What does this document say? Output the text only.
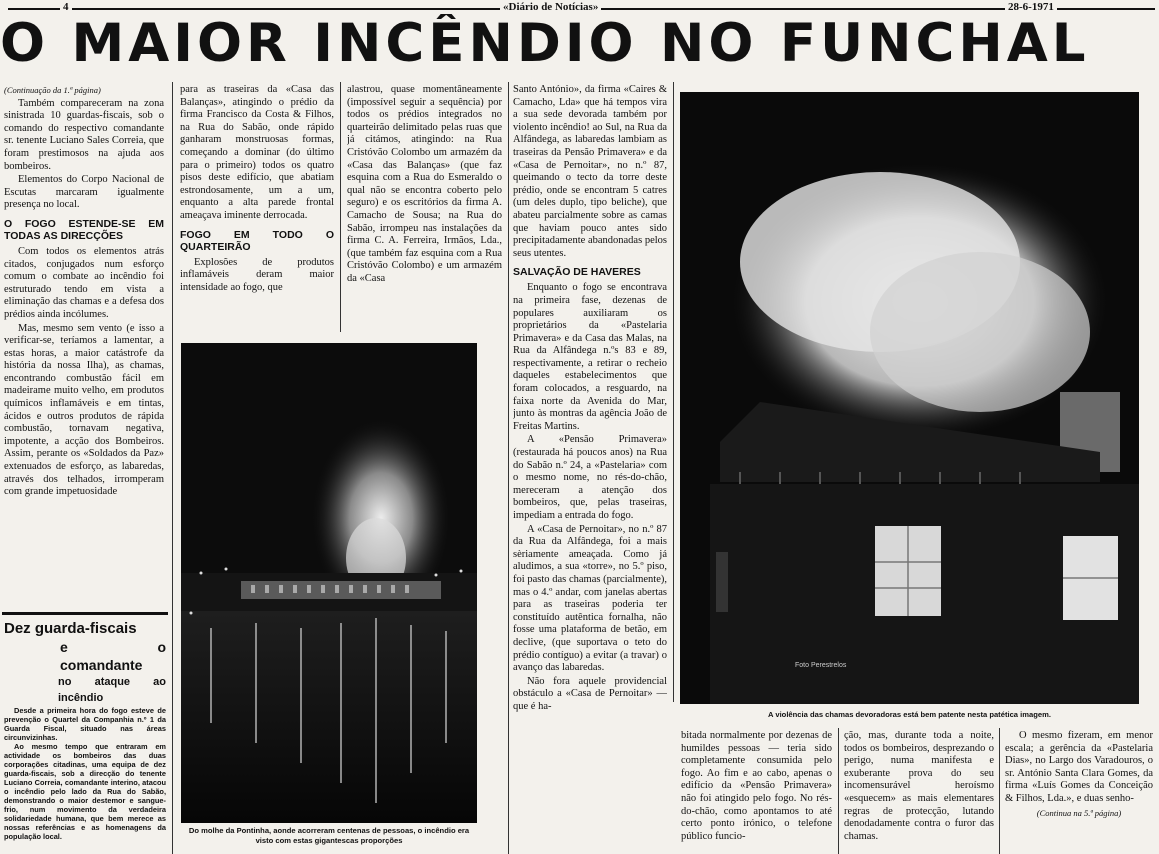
4	«Diário de Notícias»	28-6-1971
O MAIOR INCÊNDIO NO FUNCHAL

(Continuação da 1.ª página)

Também compareceram na zona sinistrada 10 guardas-fiscais, sob o comando do respectivo comandante sr. tenente Luciano Sales Correia, que foram prestimosos na ajuda aos bombeiros.

Elementos do Corpo Nacional de Escutas marcaram igualmente presença no local.

O FOGO ESTENDE-SE EM TODAS AS DIRECÇÕES

Com todos os elementos atrás citados, conjugados num esforço comum o combate ao incêndio foi estruturado tendo em vista a eliminação das chamas e a defesa dos prédios ainda incólumes.

Mas, mesmo sem vento (e isso a verificar-se, teríamos a lamentar, a estas horas, a maior catástrofe da história da nossa Ilha), as chamas, encontrando combustão fácil em madeirame muito velho, em produtos químicos inflamáveis e em tintas, ácidos e outros produtos de rápida combustão, tornavam negativa, impotente, a acção dos Bombeiros. Assim, perante os «Soldados da Paz» extenuados de esforço, as labaredas, através dos telhados, irromperam com grande impetuosidade

Dez guarda-fiscais
e o comandante
no ataque ao incêndio

Desde a primeira hora do fogo esteve de prevenção o Quartel da Companhia n.º 1 da Guarda Fiscal, situado nas áreas circunvizinhas.

Ao mesmo tempo que entraram em actividade os bombeiros das duas corporações citadinas, uma equipa de dez guarda-fiscais, sob a direcção do tenente Luciano Correia, comandante interino, atacou o incêndio pelo lado da Rua do Sabão, demonstrando o maior destemor e sangue-frio, num movimento da verdadeira solidariedade humana, que bem merece as nossas referências e as homenagens da população local.

para as traseiras da «Casa das Balanças», atingindo o prédio da firma Francisco da Costa & Filhos, na Rua do Sabão, onde rápido ganharam monstruosas formas, começando a dominar (do último para o primeiro) todos os quatro pisos deste edifício, que abatiam estrondosamente, um a um, enquanto a alta parede frontal ameaçava iminente derrocada.

FOGO EM TODO O QUARTEIRÃO

Explosões de produtos inflamáveis deram maior intensidade ao fogo, que

alastrou, quase momentâneamente (impossível seguir a sequência) por todos os prédios integrados no quarteirão delimitado pelas ruas que já citámos, atingindo: na Rua Cristóvão Colombo um armazém da «Casa das Balanças» (que faz esquina com a Rua do Esmeraldo o qual não se encontra coberto pelo seguro) e os escritórios da firma A. Camacho de Sousa; na Rua do Sabão, irrompeu nas instalações da firma C. A. Ferreira, Irmãos, Lda., (que também faz esquina com a Rua Cristóvão Colombo) e um armazém da «Casa

Do molhe da Pontinha, aonde acorreram centenas de pessoas, o incêndio era visto com estas gigantescas proporções

Santo António», da firma «Caires & Camacho, Lda» que há tempos vira a sua sede devorada também por violento incêndio! ao Sul, na Rua da Alfândega, as labaredas lambiam as traseiras da Pensão Primavera» e da «Casa de Pernoitar», no n.º 87, queimando o tecto da torre deste prédio, onde se encontram 5 catres (um deles duplo, tipo beliche), que abateu parcialmente sobre as camas que haviam pouco antes sido precipitadamente abandonadas pelos seus utentes.

SALVAÇÃO DE HAVERES

Enquanto o fogo se encontrava na primeira fase, dezenas de populares auxiliaram os proprietários da «Pastelaria Primavera» e da Casa das Malas, na Rua da Alfândega n.ºs 83 e 89, respectivamente, a retirar o recheio daqueles estabelecimentos que foram colocados, a resguardo, na faixa norte da Avenida do Mar, junto às montras da agência João de Freitas Martins.

A «Pensão Primavera» (restaurada há poucos anos) na Rua do Sabão n.º 24, a «Pastelaria» com o mesmo nome, no rés-do-chão, mereceram a atenção dos bombeiros, que, pelas traseiras, impediam a entrada do fogo.

A «Casa de Pernoitar», no n.º 87 da Rua da Alfândega, foi a mais sèriamente ameaçada. Como já aludimos, a sua «torre», no 5.º piso, foi pasto das chamas (parcialmente), mas o 4.º andar, com janelas abertas para as traseiras poderia ter constituído autêntica fornalha, não fosse uma plataforma de betão, em declive, (que suportava o teto do prédio contíguo) a evitar (a travar) o avanço das labaredas.

Não fora aquele providencial obstáculo a «Casa de Pernoitar» — que é ha-

Foto Perestrelos
A violência das chamas devoradoras está bem patente nesta patética imagem.

bitada normalmente por dezenas de humildes pessoas — teria sido completamente consumida pelo fogo. Ao fim e ao cabo, apenas o edifício da «Pensão Primavera» não foi atingido pelo fogo. No rés-do-chão, como apontamos to até certo ponto irónico, o telefone público funcio-

ção, mas, durante toda a noite, todos os bombeiros, desprezando o perigo, numa manifesta e exuberante prova do seu incomensurável heroísmo «esquecem» as mais elementares regras de protecção, lutando denodadamente contra o furor das chamas.

O mesmo fizeram, em menor escala; a gerência da «Pastelaria Dias», no Largo dos Varadouros, o sr. António Santa Clara Gomes, da firma «Luís Gomes da Conceição & Filhos, Lda.», e duas senho-

(Continua na 5.ª página)
